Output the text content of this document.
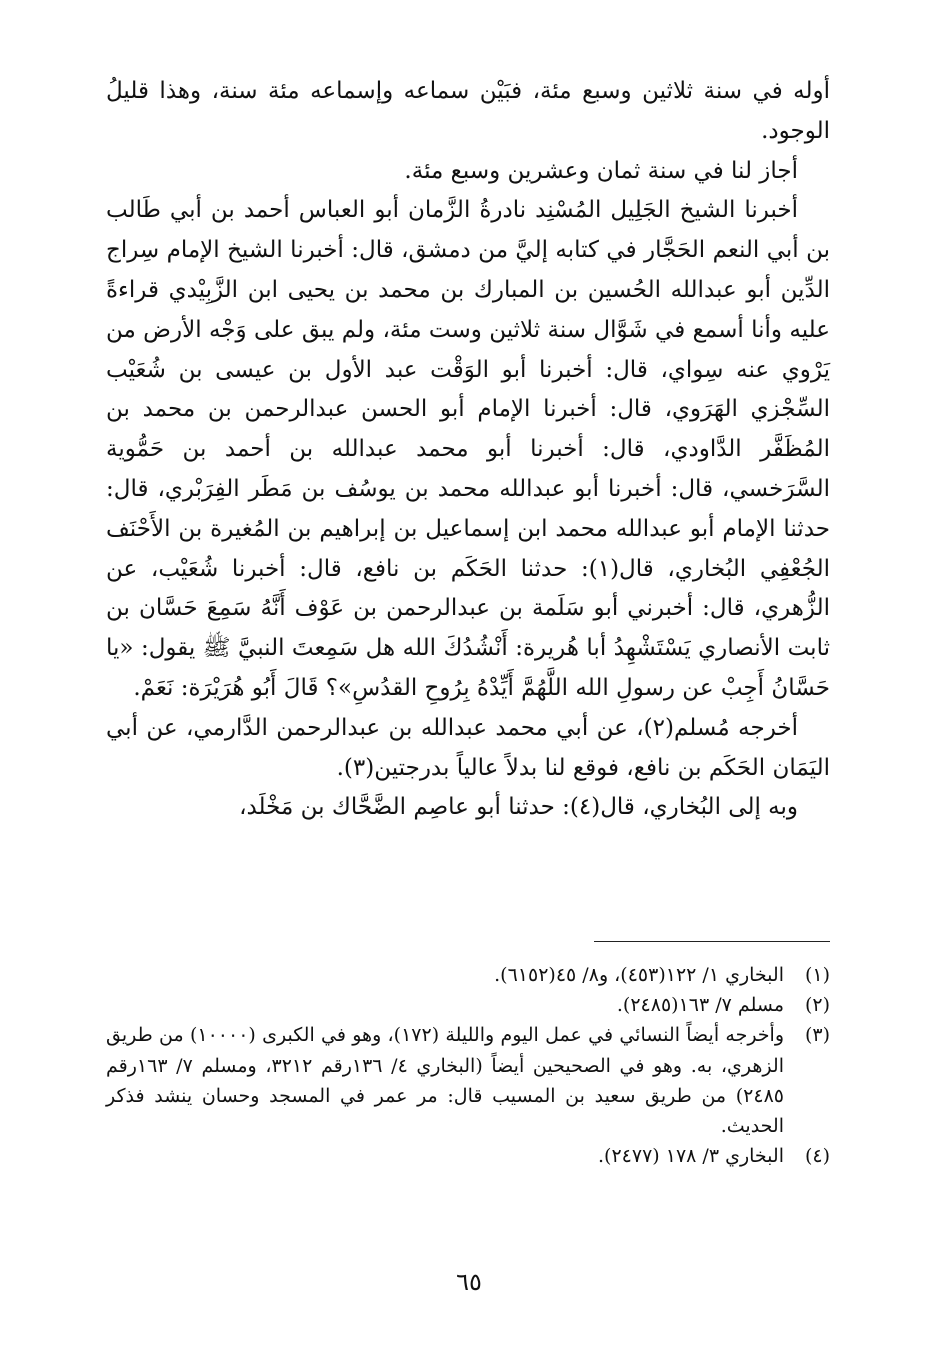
أوله في سنة ثلاثين وسبع مئة، فبَيْن سماعه وإسماعه مئة سنة، وهذا قليلُ الوجود.

أجاز لنا في سنة ثمان وعشرين وسبع مئة.

أخبرنا الشيخ الجَلِيل المُسْنِد نادرةُ الزَّمان أبو العباس أحمد بن أبي طَالب بن أبي النعم الحَجَّار في كتابه إليَّ من دمشق، قال: أخبرنا الشيخ الإمام سِراج الدِّين أبو عبدالله الحُسين بن المبارك بن محمد بن يحيى ابن الزَّبِيْدي قراءةً عليه وأنا أسمع في شَوَّال سنة ثلاثين وست مئة، ولم يبق على وَجْه الأرض من يَرْوي عنه سِواي، قال: أخبرنا أبو الوَقْت عبد الأول بن عيسى بن شُعَيْب السِّجْزي الهَرَوي، قال: أخبرنا الإمام أبو الحسن عبدالرحمن بن محمد بن المُظَفَّر الدَّاودي، قال: أخبرنا أبو محمد عبدالله بن أحمد بن حَمُّوية السَّرَخسي، قال: أخبرنا أبو عبدالله محمد بن يوسُف بن مَطَر الفِرَبْري، قال: حدثنا الإمام أبو عبدالله محمد ابن إسماعيل بن إبراهيم بن المُغيرة بن الأَحْنَف الجُعْفِي البُخاري، قال(١): حدثنا الحَكَم بن نافع، قال: أخبرنا شُعَيْب، عن الزُّهري، قال: أخبرني أبو سَلَمة بن عبدالرحمن بن عَوْف أَنَّهُ سَمِعَ حَسَّان بن ثابت الأنصاري يَسْتَشْهِدُ أبا هُريرة: أَنْشُدُكَ الله هل سَمِعتَ النبيَّ ﷺ يقول: «يا حَسَّانُ أَجِبْ عن رسولِ الله اللَّهُمَّ أَيِّدْهُ بِرُوحِ القدُسِ»؟ قَالَ أَبُو هُرَيْرَة: نَعَمْ.

أخرجه مُسلم(٢)، عن أبي محمد عبدالله بن عبدالرحمن الدَّارمي، عن أبي اليَمَان الحَكَم بن نافع، فوقع لنا بدلاً عالياً بدرجتين(٣).

وبه إلى البُخاري، قال(٤): حدثنا أبو عاصِم الضَّحَّاك بن مَخْلَد،

(١)
البخاري ١/ ١٢٢(٤٥٣)، و٨/ ٤٥(٦١٥٢).
(٢)
مسلم ٧/ ١٦٣(٢٤٨٥).
(٣)
وأخرجه أيضاً النسائي في عمل اليوم والليلة (١٧٢)، وهو في الكبرى (١٠٠٠٠) من طريق الزهري، به. وهو في الصحيحين أيضاً (البخاري ٤/ ١٣٦رقم ٣٢١٢، ومسلم ٧/ ١٦٣رقم ٢٤٨٥) من طريق سعيد بن المسيب قال: مر عمر في المسجد وحسان ينشد فذكر الحديث.
(٤)
البخاري ٣/ ١٧٨ (٢٤٧٧).
٦٥
